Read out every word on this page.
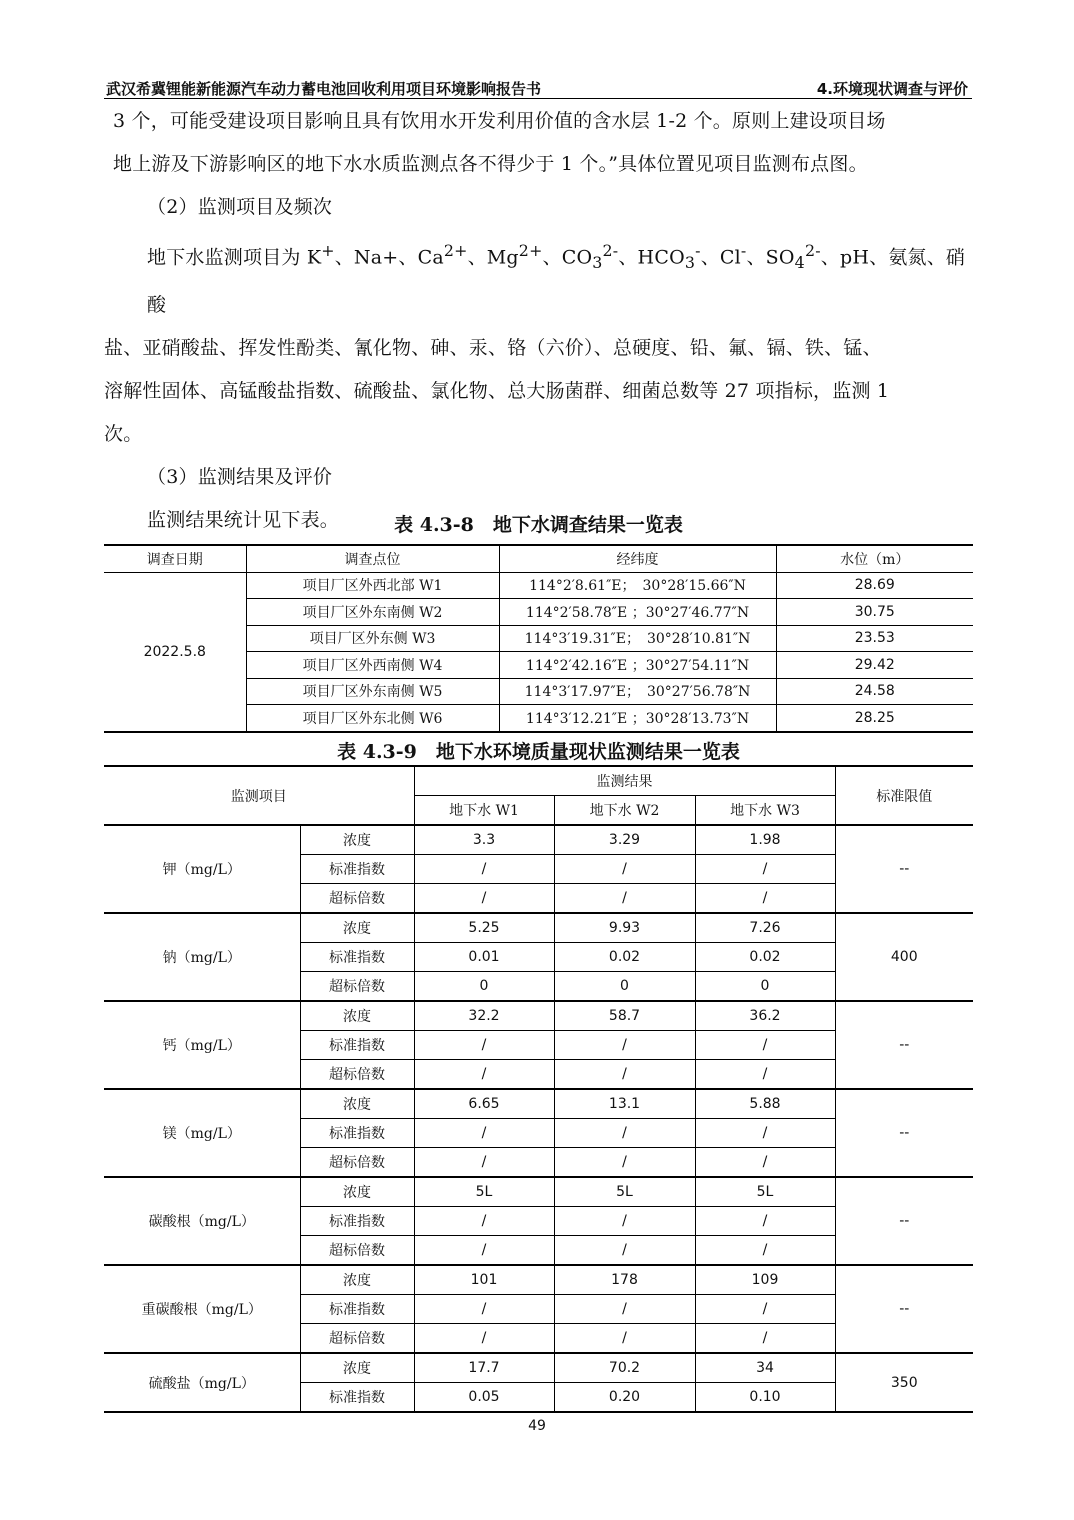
武汉希冀锂能新能源汽车动力蓄电池回收利用项目环境影响报告书	4.环境现状调查与评价

3 个，可能受建设项目影响且具有饮用水开发利用价值的含水层 1-2 个。原则上建设项目场

地上游及下游影响区的地下水水质监测点各不得少于 1 个。”具体位置见项目监测布点图。

（2）监测项目及频次

地下水监测项目为 K+、Na+、$Ca^{2+}$、$Mg^{2+}$、$CO_3^{2-}$、$HCO_3^-$、Cl-、$SO_4^{2-}$、pH、氨氮、硝酸

盐、亚硝酸盐、挥发性酚类、氰化物、砷、汞、铬（六价）、总硬度、铅、氟、镉、铁、锰、

溶解性固体、高锰酸盐指数、硫酸盐、氯化物、总大肠菌群、细菌总数等 27 项指标，监测 1

次。

（3）监测结果及评价

监测结果统计见下表。	表 4.3-8　地下水调查结果一览表
调查日期	调查点位	经纬度	水位（m）
2022.5.8	项目厂区外西北部 W1	114°2′8.61″E；　30°28′15.66″N	28.69
	项目厂区外东南侧 W2	114°2′58.78″E ；30°27′46.77″N	30.75
	项目厂区外东侧 W3	114°3′19.31″E；　30°28′10.81″N	23.53
	项目厂区外西南侧 W4	114°2′42.16″E ；30°27′54.11″N	29.42
	项目厂区外东南侧 W5	114°3′17.97″E；　30°27′56.78″N	24.58
	项目厂区外东北侧 W6	114°3′12.21″E ；30°28′13.73″N	28.25
表 4.3-9　地下水环境质量现状监测结果一览表
监测项目		监测结果			标准限值
		地下水 W1	地下水 W2	地下水 W3	
钾（mg/L）	浓度	3.3	3.29	1.98	--
	标准指数	/	/	/	
	超标倍数	/	/	/	
钠（mg/L）	浓度	5.25	9.93	7.26	400
	标准指数	0.01	0.02	0.02	
	超标倍数	0	0	0	
钙（mg/L）	浓度	32.2	58.7	36.2	--
	标准指数	/	/	/	
	超标倍数	/	/	/	
镁（mg/L）	浓度	6.65	13.1	5.88	--
	标准指数	/	/	/	
	超标倍数	/	/	/	
碳酸根（mg/L）	浓度	5L	5L	5L	--
	标准指数	/	/	/	
	超标倍数	/	/	/	
重碳酸根（mg/L）	浓度	101	178	109	--
	标准指数	/	/	/	
	超标倍数	/	/	/	
硫酸盐（mg/L）	浓度	17.7	70.2	34	350
	标准指数	0.05	0.20	0.10	
49
